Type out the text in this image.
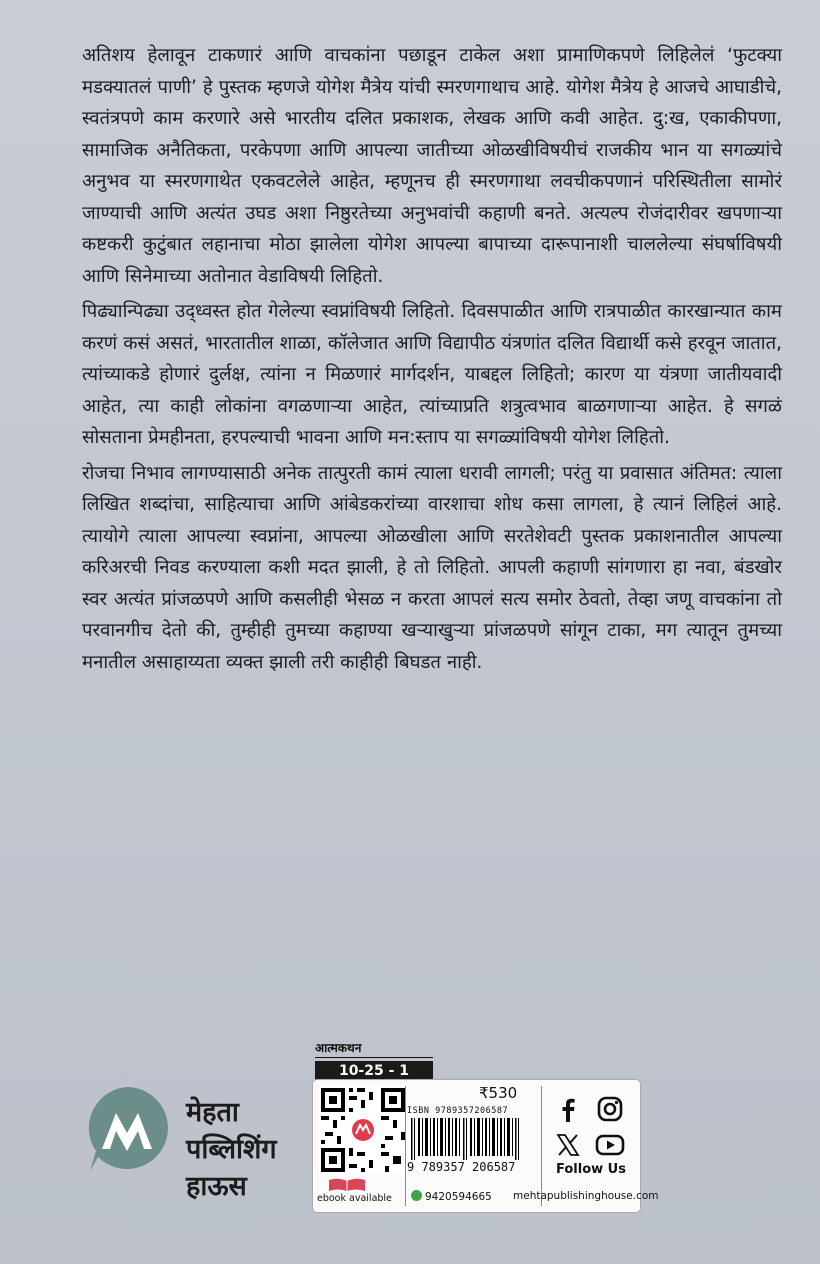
अतिशय हेलावून टाकणारं आणि वाचकांना पछाडून टाकेल अशा प्रामाणिकपणे लिहिलेलं ‘फुटक्या मडक्यातलं पाणी’ हे पुस्तक म्हणजे योगेश मैत्रेय यांची स्मरणगाथाच आहे. योगेश मैत्रेय हे आजचे आघाडीचे, स्वतंत्रपणे काम करणारे असे भारतीय दलित प्रकाशक, लेखक आणि कवी आहेत. दु:ख, एकाकीपणा, सामाजिक अनैतिकता, परकेपणा आणि आपल्या जातीच्या ओळखीविषयीचं राजकीय भान या सगळ्यांचे अनुभव या स्मरणगाथेत एकवटलेले आहेत, म्हणूनच ही स्मरणगाथा लवचीकपणानं परिस्थितीला सामोरं जाण्याची आणि अत्यंत उघड अशा निष्ठुरतेच्या अनुभवांची कहाणी बनते. अत्यल्प रोजंदारीवर खपणाऱ्या कष्टकरी कुटुंबात लहानाचा मोठा झालेला योगेश आपल्या बापाच्या दारूपानाशी चाललेल्या संघर्षाविषयी आणि सिनेमाच्या अतोनात वेडाविषयी लिहितो.

पिढ्यान्पिढ्या उद्ध्वस्त होत गेलेल्या स्वप्नांविषयी लिहितो. दिवसपाळीत आणि रात्रपाळीत कारखान्यात काम करणं कसं असतं, भारतातील शाळा, कॉलेजात आणि विद्यापीठ यंत्रणांत दलित विद्यार्थी कसे हरवून जातात, त्यांच्याकडे होणारं दुर्लक्ष, त्यांना न मिळणारं मार्गदर्शन, याबद्दल लिहितो; कारण या यंत्रणा जातीयवादी आहेत, त्या काही लोकांना वगळणाऱ्या आहेत, त्यांच्याप्रति शत्रुत्वभाव बाळगणाऱ्या आहेत. हे सगळं सोसताना प्रेमहीनता, हरपल्याची भावना आणि मन:स्ताप या सगळ्यांविषयी योगेश लिहितो.

रोजचा निभाव लागण्यासाठी अनेक तात्पुरती कामं त्याला धरावी लागली; परंतु या प्रवासात अंतिमत: त्याला लिखित शब्दांचा, साहित्याचा आणि आंबेडकरांच्या वारशाचा शोध कसा लागला, हे त्यानं लिहिलं आहे. त्यायोगे त्याला आपल्या स्वप्नांना, आपल्या ओळखीला आणि सरतेशेवटी पुस्तक प्रकाशनातील आपल्या करिअरची निवड करण्याला कशी मदत झाली, हे तो लिहितो. आपली कहाणी सांगणारा हा नवा, बंडखोर स्वर अत्यंत प्रांजळपणे आणि कसलीही भेसळ न करता आपलं सत्य समोर ठेवतो, तेव्हा जणू वाचकांना तो परवानगीच देतो की, तुम्हीही तुमच्या कहाण्या खऱ्याखुऱ्या प्रांजळपणे सांगून टाका, मग त्यातून तुमच्या मनातील असाहाय्यता व्यक्त झाली तरी काहीही बिघडत नाही.

आत्मकथन
10-25 - 1
मेहता
पब्लिशिंग
हाऊस	ebook available
₹530
ISBN 9789357206587
9 789357 206587	Follow Us
9420594665 mehtapublishinghouse.com
